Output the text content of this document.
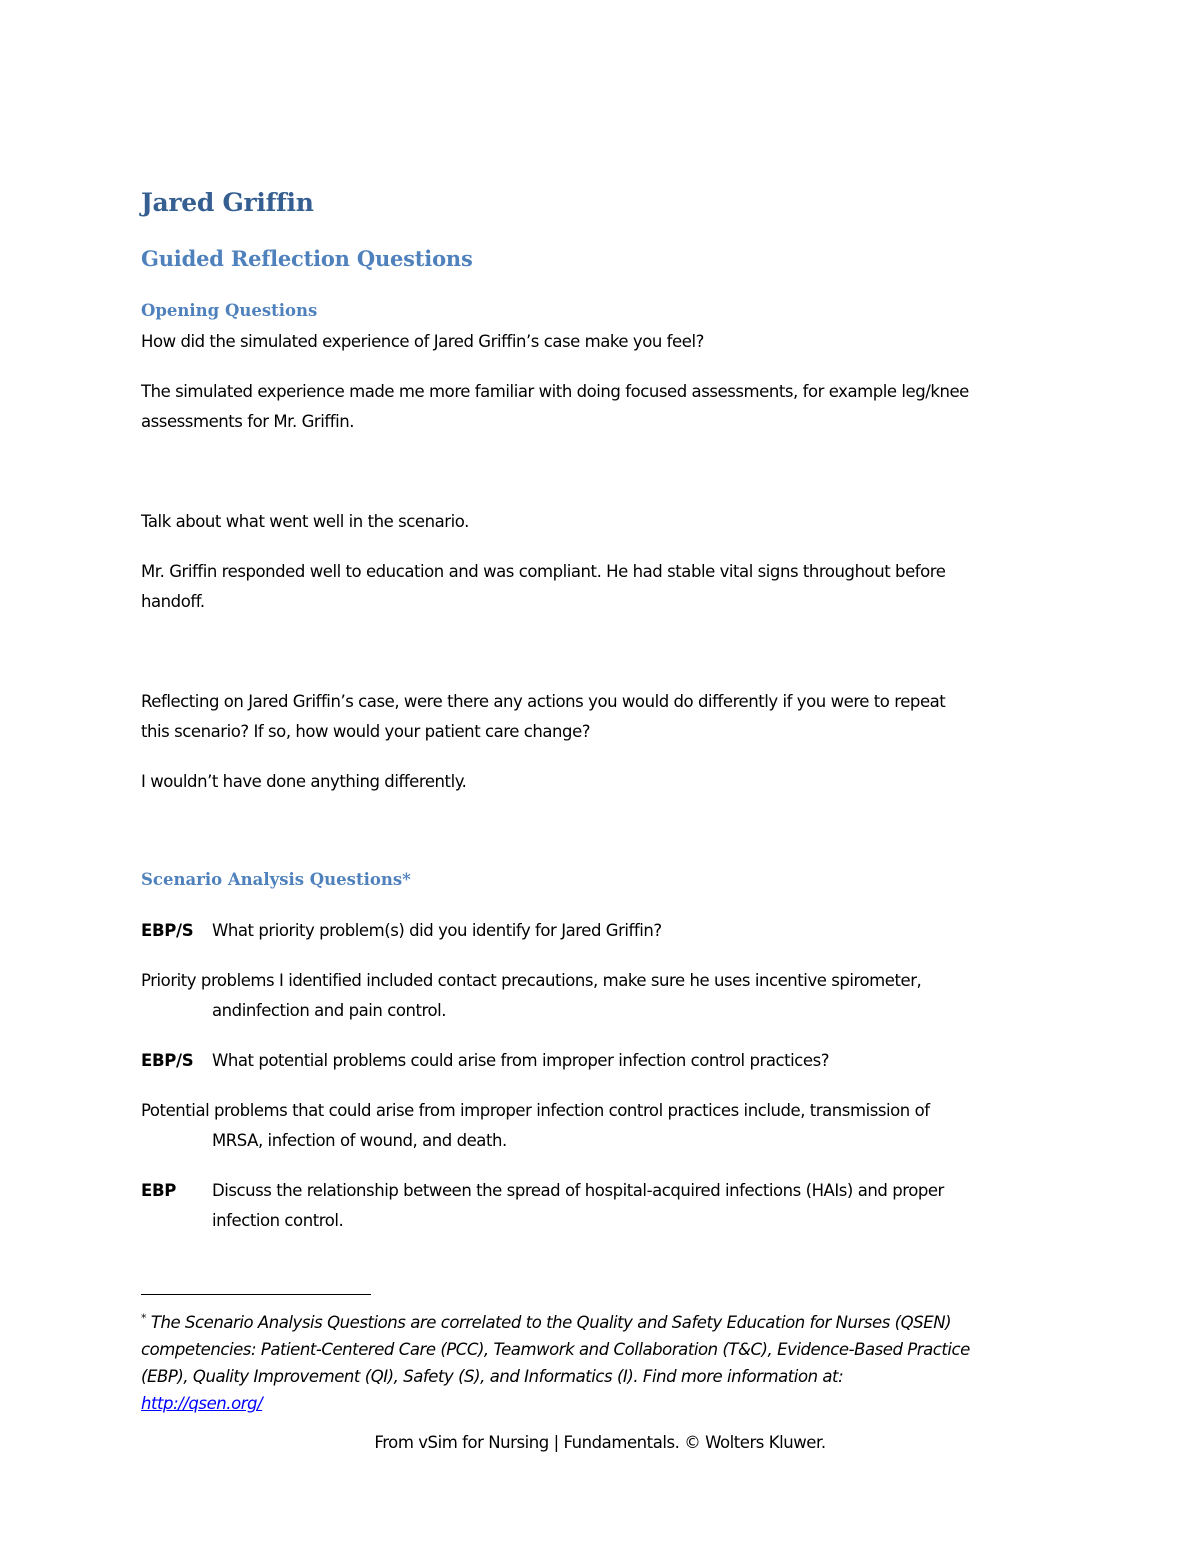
Jared Griffin
Guided Reflection Questions
Opening Questions
How did the simulated experience of Jared Griffin’s case make you feel?
The simulated experience made me more familiar with doing focused assessments, for example leg/knee
assessments for Mr. Griffin.
Talk about what went well in the scenario.
Mr. Griffin responded well to education and was compliant. He had stable vital signs throughout before
handoff.
Reflecting on Jared Griffin’s case, were there any actions you would do differently if you were to repeat
this scenario? If so, how would your patient care change?
I wouldn’t have done anything differently.
Scenario Analysis Questions*
EBP/S What priority problem(s) did you identify for Jared Griffin?
Priority problems I identified included contact precautions, make sure he uses incentive spirometer,
andinfection and pain control.
EBP/S What potential problems could arise from improper infection control practices?
Potential problems that could arise from improper infection control practices include, transmission of
MRSA, infection of wound, and death.
EBP Discuss the relationship between the spread of hospital-acquired infections (HAIs) and proper
infection control.
* The Scenario Analysis Questions are correlated to the Quality and Safety Education for Nurses (QSEN)
competencies: Patient-Centered Care (PCC), Teamwork and Collaboration (T&C), Evidence-Based Practice
(EBP), Quality Improvement (QI), Safety (S), and Informatics (I). Find more information at:
http://qsen.org/
From vSim for Nursing | Fundamentals. © Wolters Kluwer.
